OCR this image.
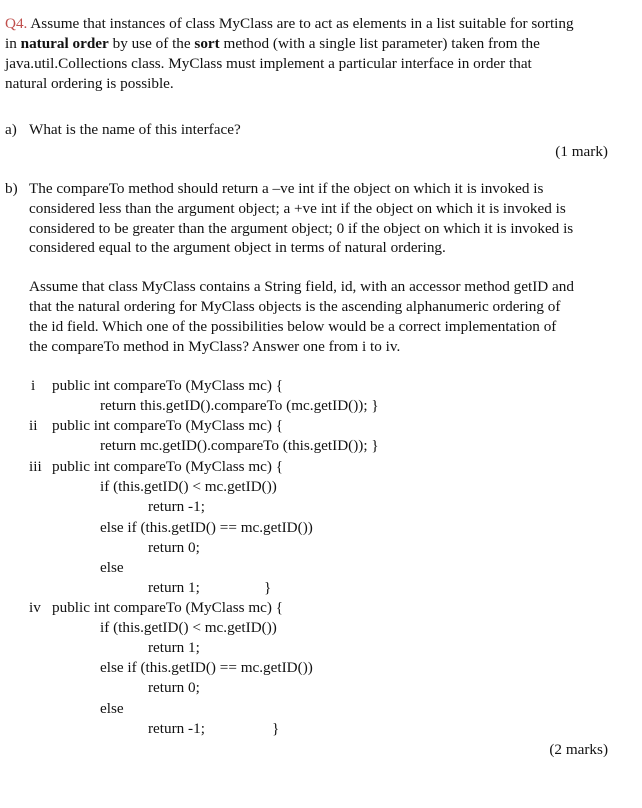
Q4. Assume that instances of class MyClass are to act as elements in a list suitable for sorting
in natural order by use of the sort method (with a single list parameter) taken from the
java.util.Collections class. MyClass must implement a particular interface in order that
natural ordering is possible.
a) What is the name of this interface?
(1 mark)
b) The compareTo method should return a –ve int if the object on which it is invoked is
considered less than the argument object; a +ve int if the object on which it is invoked is
considered to be greater than the argument object; 0 if the object on which it is invoked is
considered equal to the argument object in terms of natural ordering.
Assume that class MyClass contains a String field, id, with an accessor method getID and
that the natural ordering for MyClass objects is the ascending alphanumeric ordering of
the id field. Which one of the possibilities below would be a correct implementation of
the compareTo method in MyClass? Answer one from i to iv.
i public int compareTo (MyClass mc) {
return this.getID().compareTo (mc.getID()); }
ii public int compareTo (MyClass mc) {
return mc.getID().compareTo (this.getID()); }
iii public int compareTo (MyClass mc) {
if (this.getID() < mc.getID())
return -1;
else if (this.getID() == mc.getID())
return 0;
else
return 1;	}
iv public int compareTo (MyClass mc) {
if (this.getID() < mc.getID())
return 1;
else if (this.getID() == mc.getID())
return 0;
else
return -1;	}
(2 marks)
